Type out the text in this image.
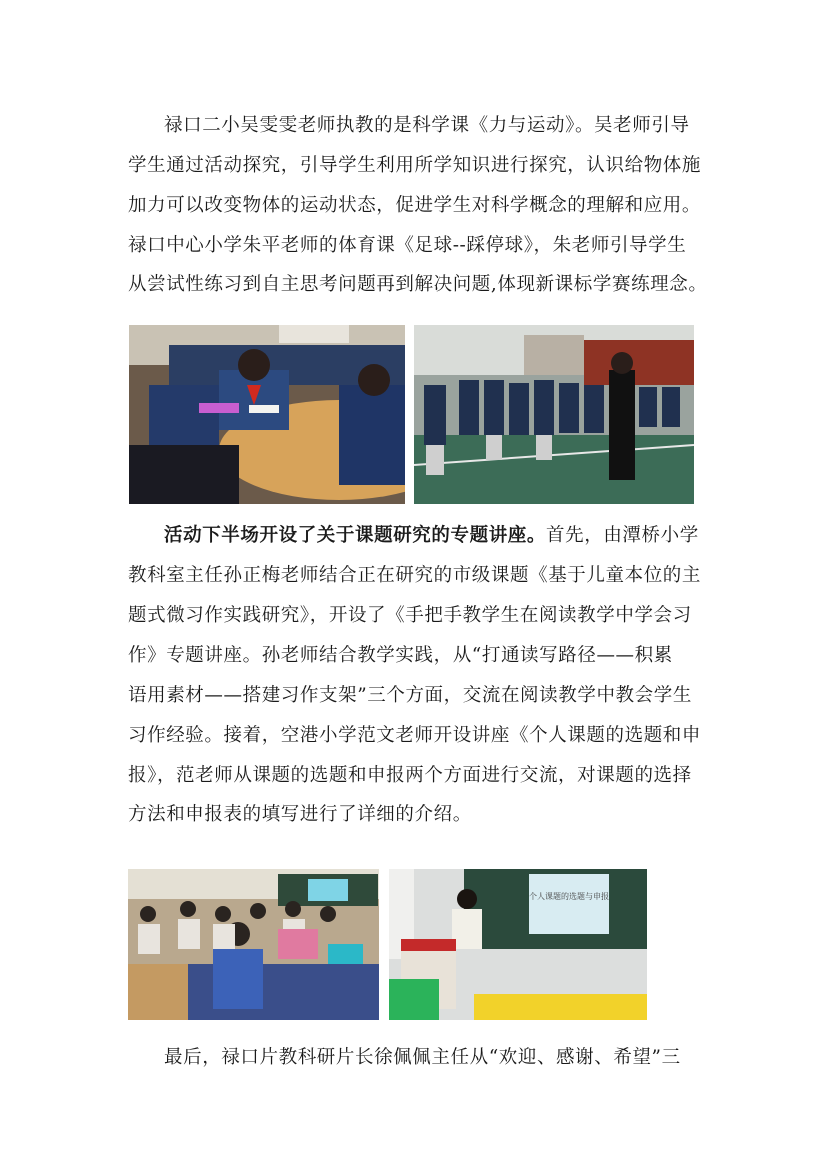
禄口二小吴雯雯老师执教的是科学课《力与运动》。吴老师引导
学生通过活动探究，引导学生利用所学知识进行探究，认识给物体施
加力可以改变物体的运动状态，促进学生对科学概念的理解和应用。
禄口中心小学朱平老师的体育课《足球--踩停球》，朱老师引导学生
从尝试性练习到自主思考问题再到解决问题,体现新课标学赛练理念。
活动下半场开设了关于课题研究的专题讲座。首先，由潭桥小学
教科室主任孙正梅老师结合正在研究的市级课题《基于儿童本位的主
题式微习作实践研究》，开设了《手把手教学生在阅读教学中学会习
作》专题讲座。孙老师结合教学实践，从“打通读写路径——积累
语用素材——搭建习作支架”三个方面，交流在阅读教学中教会学生
习作经验。接着，空港小学范文老师开设讲座《个人课题的选题和申
报》，范老师从课题的选题和申报两个方面进行交流，对课题的选择
方法和申报表的填写进行了详细的介绍。
个人课题的选题与申报
最后，禄口片教科研片长徐佩佩主任从“欢迎、感谢、希望”三
